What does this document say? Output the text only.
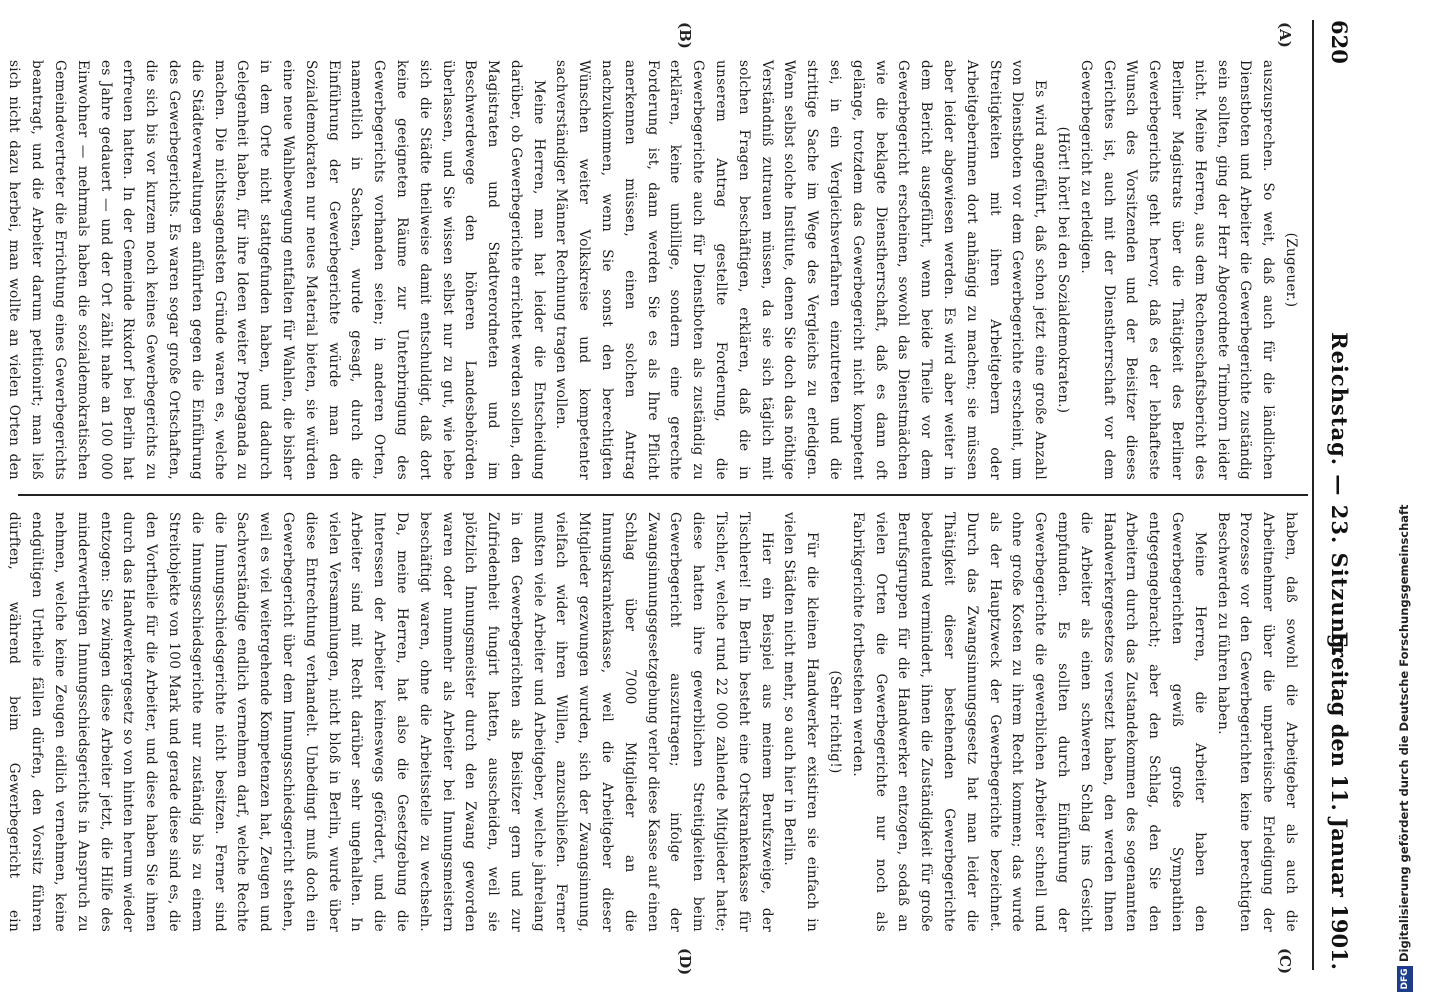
620
Reichstag. — 23. Sitzung.
Freitag den 11. Januar 1901.
(A)
(B)
(C)
(D)

(Zugeuer.)

auszusprechen. So weit, daß auch für die ländlichen Dienstboten und Arbeiter die Gewerbegerichte zuständig sein sollten, ging der Herr Abgeordnete Trimborn leider nicht. Meine Herren, aus dem Rechenschaftsbericht des Berliner Magistrats über die Thätigkeit des Berliner Gewerbegerichts geht hervor, daß es der lebhafteste Wunsch des Vorsitzenden und der Beisitzer dieses Gerichtes ist, auch mit der Dienstherrschaft vor dem Gewerbegericht zu erledigen.

(Hört! hört! bei den Sozialdemokraten.)

Es wird angeführt, daß schon jetzt eine große Anzahl von Dienstboten vor dem Gewerbegerichte erscheint, um Streitigkeiten mit ihren Arbeitgebern oder Arbeitgeberinnen dort anhängig zu machen; sie müssen aber leider abgewiesen werden. Es wird aber weiter in dem Bericht ausgeführt, wenn beide Theile vor dem Gewerbegericht erscheinen, sowohl das Dienstmädchen wie die beklagte Dienstherrschaft, daß es dann oft gelänge, trotzdem das Gewerbegericht nicht kompetent sei, in ein Vergleichsverfahren einzutreten und die strittige Sache im Wege des Vergleichs zu erledigen. Wenn selbst solche Institute, denen Sie doch das nöthige Verständniß zutrauen müssen, da sie sich täglich mit solchen Fragen beschäftigen, erklären, daß die in unserem Antrag gestellte Forderung, die Gewerbegerichte auch für Dienstboten als zuständig zu erklären, keine unbillige, sondern eine gerechte Forderung ist, dann werden Sie es als Ihre Pflicht anerkennen müssen, einen solchen Antrag nachzukommen, wenn Sie sonst den berechtigten Wünschen weiter Volkskreise und kompetenter sachverständiger Männer Rechnung tragen wollen.

Meine Herren, man hat leider die Entscheidung darüber, ob Gewerbegerichte errichtet werden sollen, den Magistraten und Stadtverordneten und im Beschwerdewege den höheren Landesbehörden überlassen, und Sie wissen selbst nur zu gut, wie lebe sich die Städte theilweise damit entschuldigt, daß dort keine geeigneten Räume zur Unterbringung des Gewerbegerichts vorhanden seien; in anderen Orten, namentlich in Sachsen, wurde gesagt, durch die Einführung der Gewerbegerichte würde man den Sozialdemokraten nur neues Material bieten, sie würden eine neue Wahlbewegung entfalten für Wahlen, die bisher in dem Orte nicht stattgefunden haben, und dadurch Gelegenheit haben, für ihre Ideen weiter Propaganda zu machen. Die nichtssagendsten Gründe waren es, welche die Städteverwaltungen anführten gegen die Einführung des Gewerbegerichts. Es waren sogar große Ortschaften, die sich bis vor kurzem noch keines Gewerbegerichts zu erfreuen hatten. In der Gemeinde Rixdorf bei Berlin hat es Jahre gedauert — und der Ort zählt nahe an 100 000 Einwohner — mehrmals haben die sozialdemokratischen Gemeindevertreter die Errichtung eines Gewerbegerichts beantragt, und die Arbeiter darum petitionirt; man ließ sich nicht dazu herbei, man wollte an vielen Orten den

haben, daß sowohl die Arbeitgeber als auch die Arbeitnehmer über die unparteiische Erledigung der Prozesse vor den Gewerbegerichten keine berechtigten Beschwerden zu führen haben.

Meine Herren, die Arbeiter haben den Gewerbegerichten gewiß große Sympathien entgegengebracht; aber den Schlag, den Sie den Arbeitern durch das Zustandekommen des sogenannten Handwerkergesetzes versetzt haben, den werden Ihnen die Arbeiter als einen schweren Schlag ins Gesicht empfunden. Es sollten durch Einführung der Gewerbegerichte die gewerblichen Arbeiter schnell und ohne große Kosten zu ihrem Recht kommen; das wurde als der Hauptzweck der Gewerbegerichte bezeichnet. Durch das Zwangsinnungsgesetz hat man leider die Thätigkeit dieser bestehenden Gewerbegerichte bedeutend vermindert, ihnen die Zuständigkeit für große Berufsgruppen für die Handwerker entzogen, sodaß an vielen Orten die Gewerbegerichte nur noch als Fabrikgerichte fortbestehen werden.

(Sehr richtig!)

Für die kleinen Handwerker existiren sie einfach in vielen Städten nicht mehr, so auch hier in Berlin.

Hier ein Beispiel aus meinem Berufszweige, der Tischlerei! In Berlin besteht eine Ortskrankenkasse für Tischler, welche rund 22 000 zahlende Mitglieder hatte; diese hatten ihre gewerblichen Streitigkeiten beim Gewerbegericht auszutragen; infolge der Zwangsinnungsgesetzgebung verlor diese Kasse auf einen Schlag über 7000 Mitglieder an die Innungskrankenkasse, weil die Arbeitgeber dieser Mitglieder gezwungen wurden, sich der Zwangsinnung, vielfach wider ihren Willen, anzuschließen. Ferner mußten viele Arbeiter und Arbeitgeber, welche jahrelang in den Gewerbegerichten als Beisitzer gern und zur Zufriedenheit fungirt hatten, ausscheiden, weil sie plötzlich Innungsmeister durch den Zwang geworden waren oder nunmehr als Arbeiter bei Innungsmeistern beschäftigt waren, ohne die Arbeitsstelle zu wechseln. Da, meine Herren, hat also die Gesetzgebung die Interessen der Arbeiter keineswegs gefördert, und die Arbeiter sind mit Recht darüber sehr ungehalten. In vielen Versammlungen, nicht bloß in Berlin, wurde über diese Entrechtung verhandelt. Unbedingt muß doch ein Gewerbegericht über dem Innungsschiedsgericht stehen, weil es viel weitergehende Kompetenzen hat, Zeugen und Sachverständige endlich vernehmen darf, welche Rechte die Innungsschiedsgerichte nicht besitzen. Ferner sind die Innungsschiedsgerichte nur zuständig bis zu einem Streitobjekte von 100 Mark und gerade diese sind es, die den Vortheile für die Arbeiter, und diese haben Sie ihnen durch das Handwerkergesetz so von hinten herum wieder entzogen: Sie zwingen diese Arbeiter jetzt, die Hilfe des minderwerthigen Innungsschiedsgerichts in Anspruch zu nehmen, welche keine Zeugen eidlich vernehmen, keine endgültigen Urtheile fällen dürfen, den Vorsitz führen dürften, während beim Gewerbegericht ein

DFG
Digitalisierung gefördert durch die Deutsche Forschungsgemeinschaft
